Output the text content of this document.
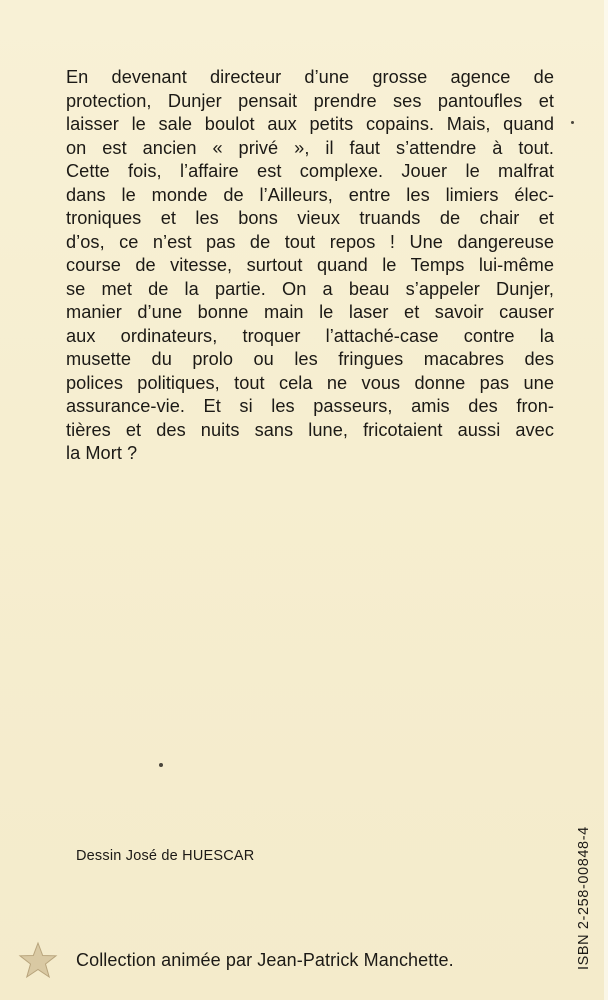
En devenant directeur d’une grosse agence de
protection, Dunjer pensait prendre ses pantoufles et
laisser le sale boulot aux petits copains. Mais, quand
on est ancien « privé », il faut s’attendre à tout.
Cette fois, l’affaire est complexe. Jouer le malfrat
dans le monde de l’Ailleurs, entre les limiers élec-
troniques et les bons vieux truands de chair et
d’os, ce n’est pas de tout repos ! Une dangereuse
course de vitesse, surtout quand le Temps lui-même
se met de la partie. On a beau s’appeler Dunjer,
manier d’une bonne main le laser et savoir causer
aux ordinateurs, troquer l’attaché-case contre la
musette du prolo ou les fringues macabres des
polices politiques, tout cela ne vous donne pas une
assurance-vie. Et si les passeurs, amis des fron-
tières et des nuits sans lune, fricotaient aussi avec
la Mort ?

Dessin José de HUESCAR
Collection animée par Jean-Patrick Manchette.	ISBN 2-258-00848-4
